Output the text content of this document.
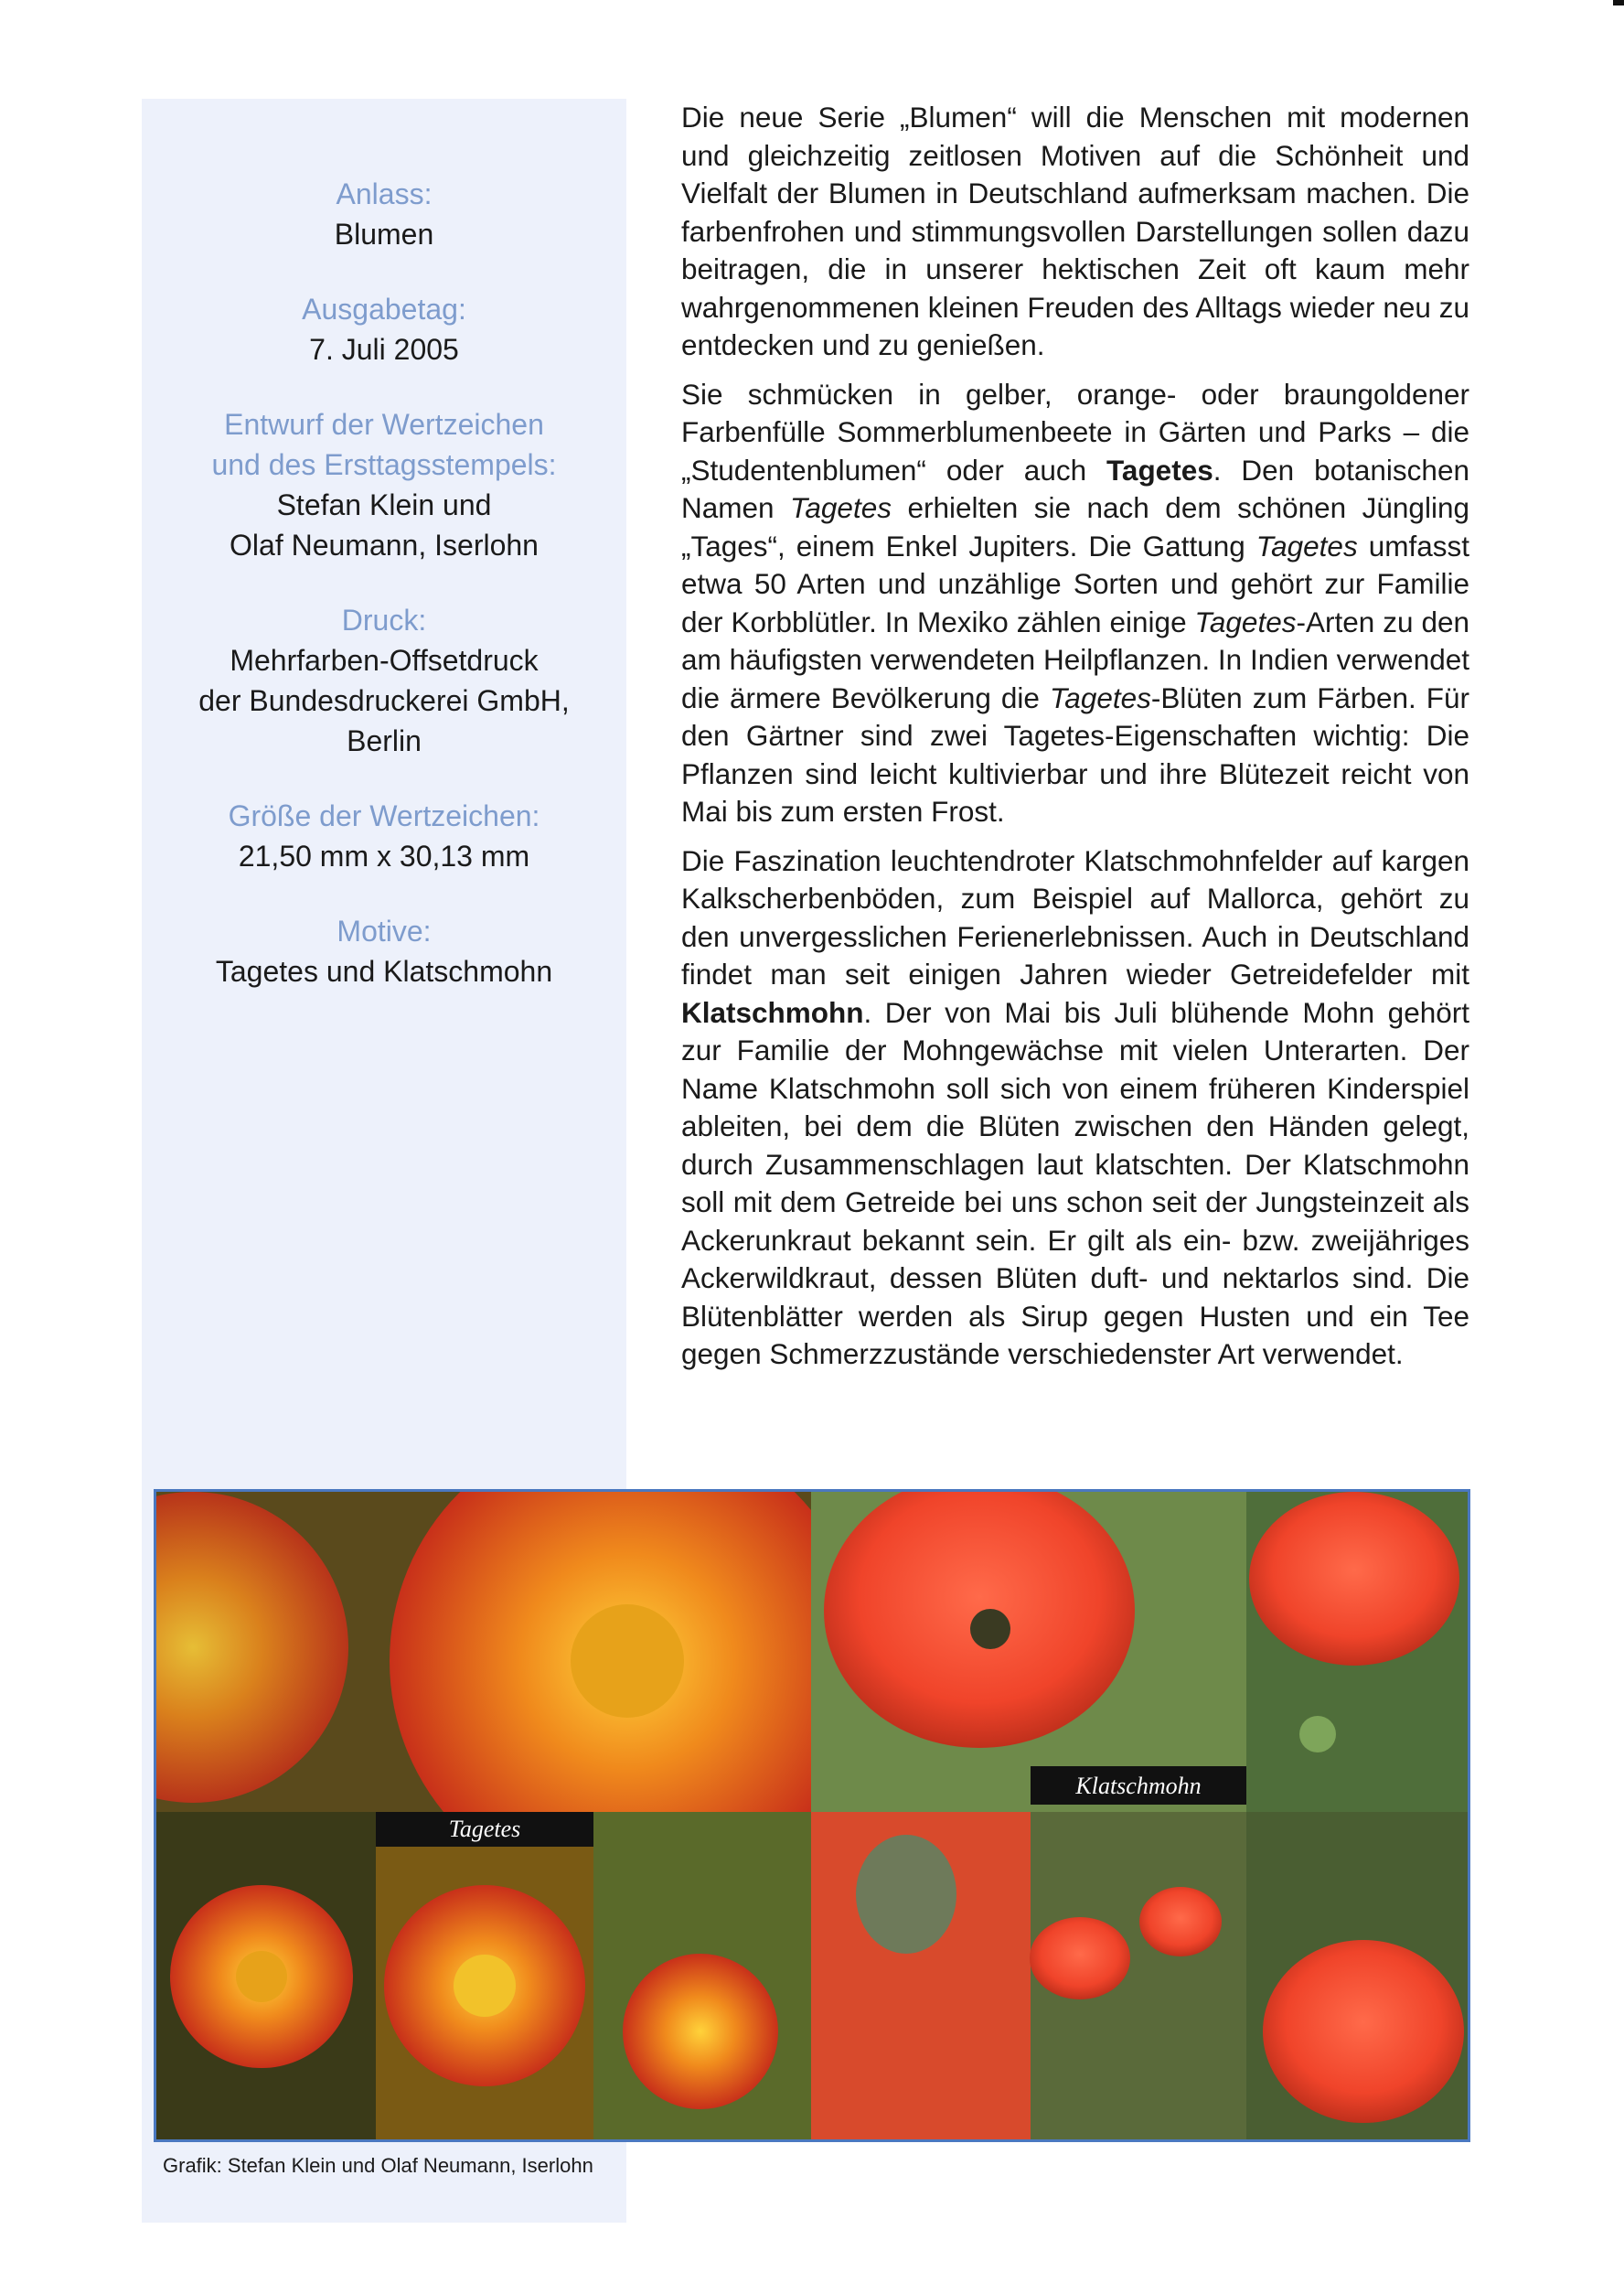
Anlass:
Blumen
Ausgabetag:
7. Juli 2005
Entwurf der Wertzeichen
und des Ersttagsstempels:
Stefan Klein und
Olaf Neumann, Iserlohn
Druck:
Mehrfarben-Offsetdruck
der Bundesdruckerei GmbH,
Berlin
Größe der Wertzeichen:
21,50 mm x 30,13 mm
Motive:
Tagetes und Klatschmohn

Die neue Serie „Blumen“ will die Menschen mit modernen und gleichzeitig zeitlosen Motiven auf die Schönheit und Vielfalt der Blumen in Deutschland aufmerksam machen. Die farbenfrohen und stimmungsvollen Darstellungen sollen dazu beitragen, die in unserer hektischen Zeit oft kaum mehr wahrgenommenen kleinen Freuden des Alltags wieder neu zu entdecken und zu genießen.

Sie schmücken in gelber, orange- oder braungoldener Farbenfülle Sommerblumenbeete in Gärten und Parks – die „Studentenblumen“ oder auch Tagetes. Den botanischen Namen Tagetes erhielten sie nach dem schönen Jüngling „Tages“, einem Enkel Jupiters. Die Gattung Tagetes umfasst etwa 50 Arten und unzählige Sorten und gehört zur Familie der Korbblütler. In Mexiko zählen einige Tagetes-Arten zu den am häufigsten verwendeten Heilpflanzen. In Indien verwendet die ärmere Bevölkerung die Tagetes-Blüten zum Färben. Für den Gärtner sind zwei Tagetes-Eigenschaften wichtig: Die Pflanzen sind leicht kultivierbar und ihre Blütezeit reicht von Mai bis zum ersten Frost.

Die Faszination leuchtendroter Klatschmohnfelder auf kargen Kalkscherbenböden, zum Beispiel auf Mallorca, gehört zu den unvergesslichen Ferienerlebnissen. Auch in Deutschland findet man seit einigen Jahren wieder Getreidefelder mit Klatschmohn. Der von Mai bis Juli blühende Mohn gehört zur Familie der Mohngewächse mit vielen Unterarten. Der Name Klatschmohn soll sich von einem früheren Kinderspiel ableiten, bei dem die Blüten zwischen den Händen gelegt, durch Zusammenschlagen laut klatschten. Der Klatschmohn soll mit dem Getreide bei uns schon seit der Jungsteinzeit als Ackerunkraut bekannt sein. Er gilt als ein- bzw. zweijähriges Ackerwildkraut, dessen Blüten duft- und nektarlos sind. Die Blütenblätter werden als Sirup gegen Husten und ein Tee gegen Schmerzzustände verschiedenster Art verwendet.

Tagetes
Klatschmohn
Grafik: Stefan Klein und Olaf Neumann, Iserlohn
